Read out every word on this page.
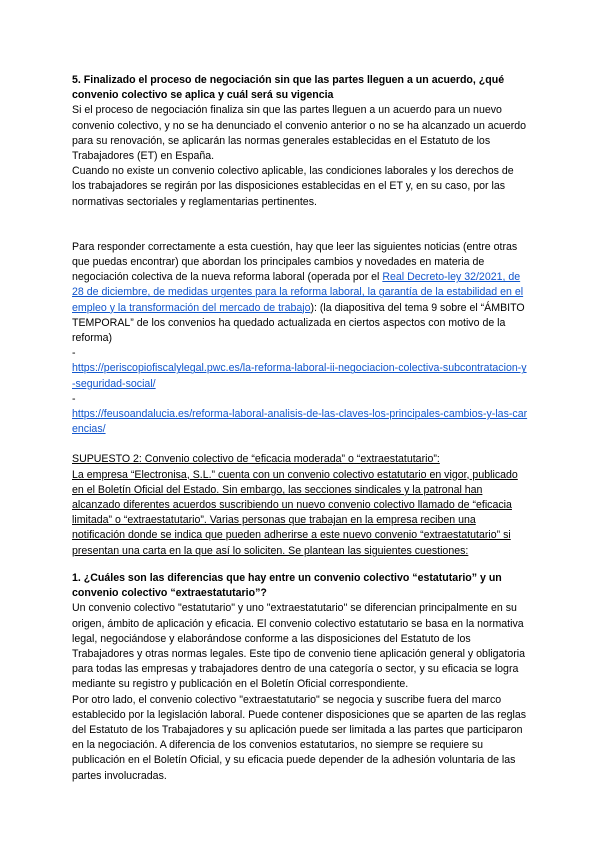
5. Finalizado el proceso de negociación sin que las partes lleguen a un acuerdo, ¿qué convenio colectivo se aplica y cuál será su vigencia

Si el proceso de negociación finaliza sin que las partes lleguen a un acuerdo para un nuevo convenio colectivo, y no se ha denunciado el convenio anterior o no se ha alcanzado un acuerdo para su renovación, se aplicarán las normas generales establecidas en el Estatuto de los Trabajadores (ET) en España.

Cuando no existe un convenio colectivo aplicable, las condiciones laborales y los derechos de los trabajadores se regirán por las disposiciones establecidas en el ET y, en su caso, por las normativas sectoriales y reglamentarias pertinentes.

Para responder correctamente a esta cuestión, hay que leer las siguientes noticias (entre otras que puedas encontrar) que abordan los principales cambios y novedades en materia de negociación colectiva de la nueva reforma laboral (operada por el Real Decreto-ley 32/2021, de 28 de diciembre, de medidas urgentes para la reforma laboral, la garantía de la estabilidad en el empleo y la transformación del mercado de trabajo): (la diapositiva del tema 9 sobre el “ÁMBITO TEMPORAL” de los convenios ha quedado actualizada en ciertos aspectos con motivo de la reforma)

-

https://periscopiofiscalylegal.pwc.es/la-reforma-laboral-ii-negociacion-colectiva-subcontratacion-y-seguridad-social/

-

https://feusoandalucia.es/reforma-laboral-analisis-de-las-claves-los-principales-cambios-y-las-carencias/

SUPUESTO 2: Convenio colectivo de “eficacia moderada” o “extraestatutario”:

La empresa “Electronisa, S.L.” cuenta con un convenio colectivo estatutario en vigor, publicado en el Boletín Oficial del Estado. Sin embargo, las secciones sindicales y la patronal han alcanzado diferentes acuerdos suscribiendo un nuevo convenio colectivo llamado de “eficacia limitada” o “extraestatutario”. Varias personas que trabajan en la empresa reciben una notificación donde se indica que pueden adherirse a este nuevo convenio “extraestatutario” si presentan una carta en la que así lo soliciten. Se plantean las siguientes cuestiones:

1. ¿Cuáles son las diferencias que hay entre un convenio colectivo “estatutario” y un convenio colectivo “extraestatutario”?

Un convenio colectivo "estatutario" y uno "extraestatutario" se diferencian principalmente en su origen, ámbito de aplicación y eficacia. El convenio colectivo estatutario se basa en la normativa legal, negociándose y elaborándose conforme a las disposiciones del Estatuto de los Trabajadores y otras normas legales. Este tipo de convenio tiene aplicación general y obligatoria para todas las empresas y trabajadores dentro de una categoría o sector, y su eficacia se logra mediante su registro y publicación en el Boletín Oficial correspondiente.

Por otro lado, el convenio colectivo "extraestatutario" se negocia y suscribe fuera del marco establecido por la legislación laboral. Puede contener disposiciones que se aparten de las reglas del Estatuto de los Trabajadores y su aplicación puede ser limitada a las partes que participaron en la negociación. A diferencia de los convenios estatutarios, no siempre se requiere su publicación en el Boletín Oficial, y su eficacia puede depender de la adhesión voluntaria de las partes involucradas.
